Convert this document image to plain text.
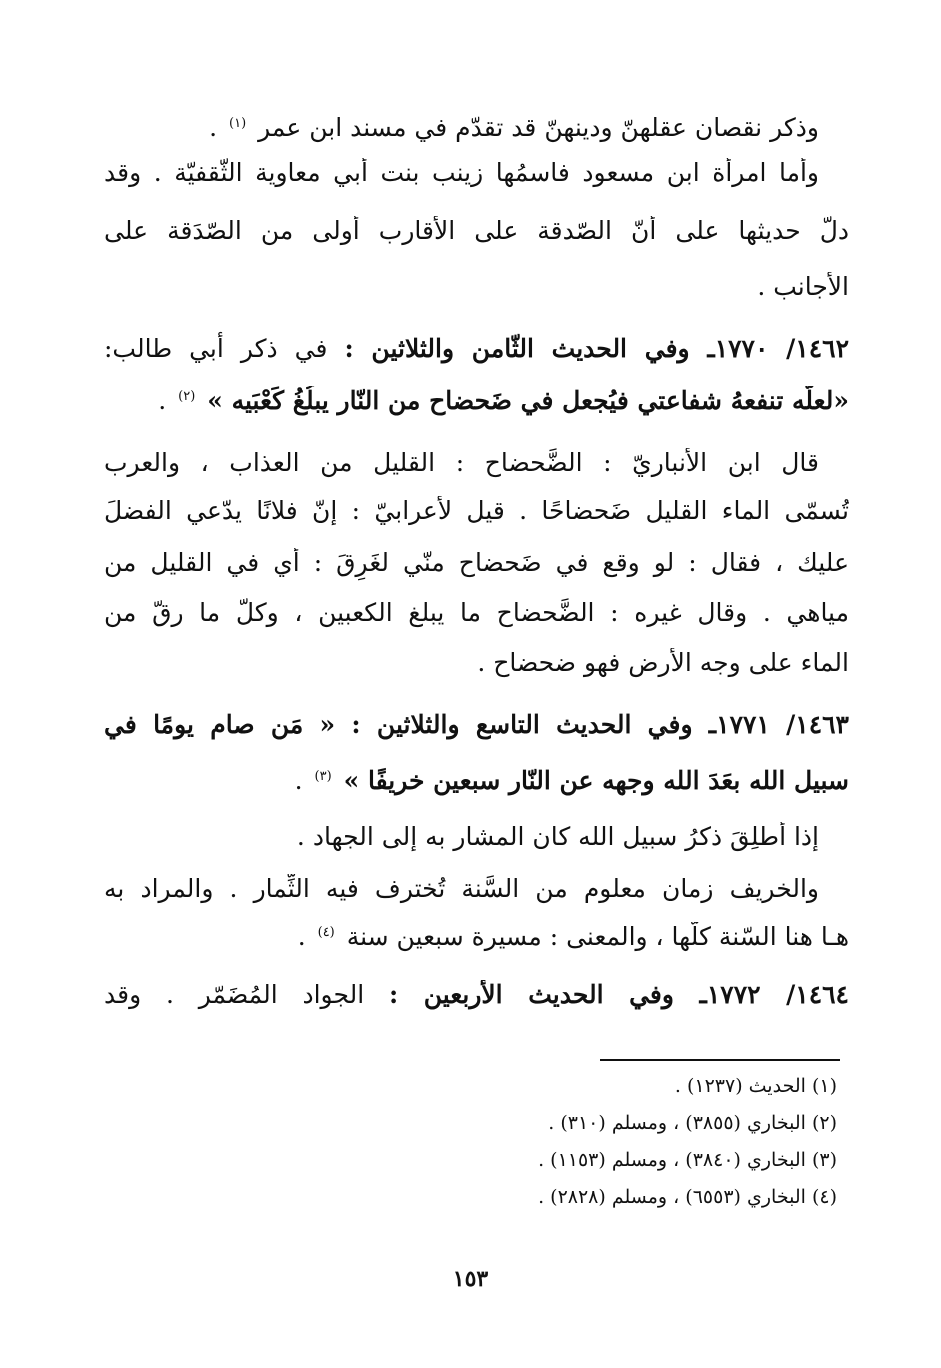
وذكر نقصان عقلهنّ ودينهنّ قد تقدّم في مسند ابن عمر $^{(١)}$ .
وأما امرأة ابن مسعود فاسمُها زينب بنت أبي معاوية الثّقفيّة . وقد
دلّ حديثها على أنّ الصّدقة على الأقارب أولى من الصّدَقة على
الأجانب .
١٤٦٢/ ١٧٧٠ـ وفي الحديث الثّامن والثلاثين : في ذكر أبي طالب:
«لعلّه تنفعهُ شفاعتي فيُجعل في ضَحضاح من النّار يبلُغُ كَعْبَيه » $^{(٢)}$ .
قال ابن الأنباريّ : الضَّحضاح : القليل من العذاب ، والعرب
تُسمّى الماء القليل ضَحضاحًا . قيل لأعرابيّ : إنّ فلانًا يدّعي الفضلَ
عليك ، فقال : لو وقع في ضَحضاح منّي لغَرِقَ : أي في القليل من
مياهي . وقال غيره : الضَّحضاح ما يبلغ الكعبين ، وكلّ ما رقّ من
الماء على وجه الأرض فهو ضحضاح .
١٤٦٣/ ١٧٧١ـ وفي الحديث التاسع والثلاثين : « مَن صام يومًا في
سبيل الله بعَدَ الله وجهه عن النّار سبعين خريفًا » $^{(٣)}$ .
إذا أُطلِقَ ذكرُ سبيل الله كان المشار به إلى الجهاد .
والخريف زمان معلوم من السَّنة تُخترف فيه الثِّمار . والمراد به
هـا هنا السّنة كلّها ، والمعنى : مسيرة سبعين سنة $^{(٤)}$ .
١٤٦٤/ ١٧٧٢ـ وفي الحديث الأربعين : الجواد المُضَمّر . وقد
(١) الحديث (١٢٣٧) .
(٢) البخاري (٣٨٥٥) ، ومسلم (٣١٠) .
(٣) البخاري (٣٨٤٠) ، ومسلم (١١٥٣) .
(٤) البخاري (٦٥٥٣) ، ومسلم (٢٨٢٨) .
١٥٣
